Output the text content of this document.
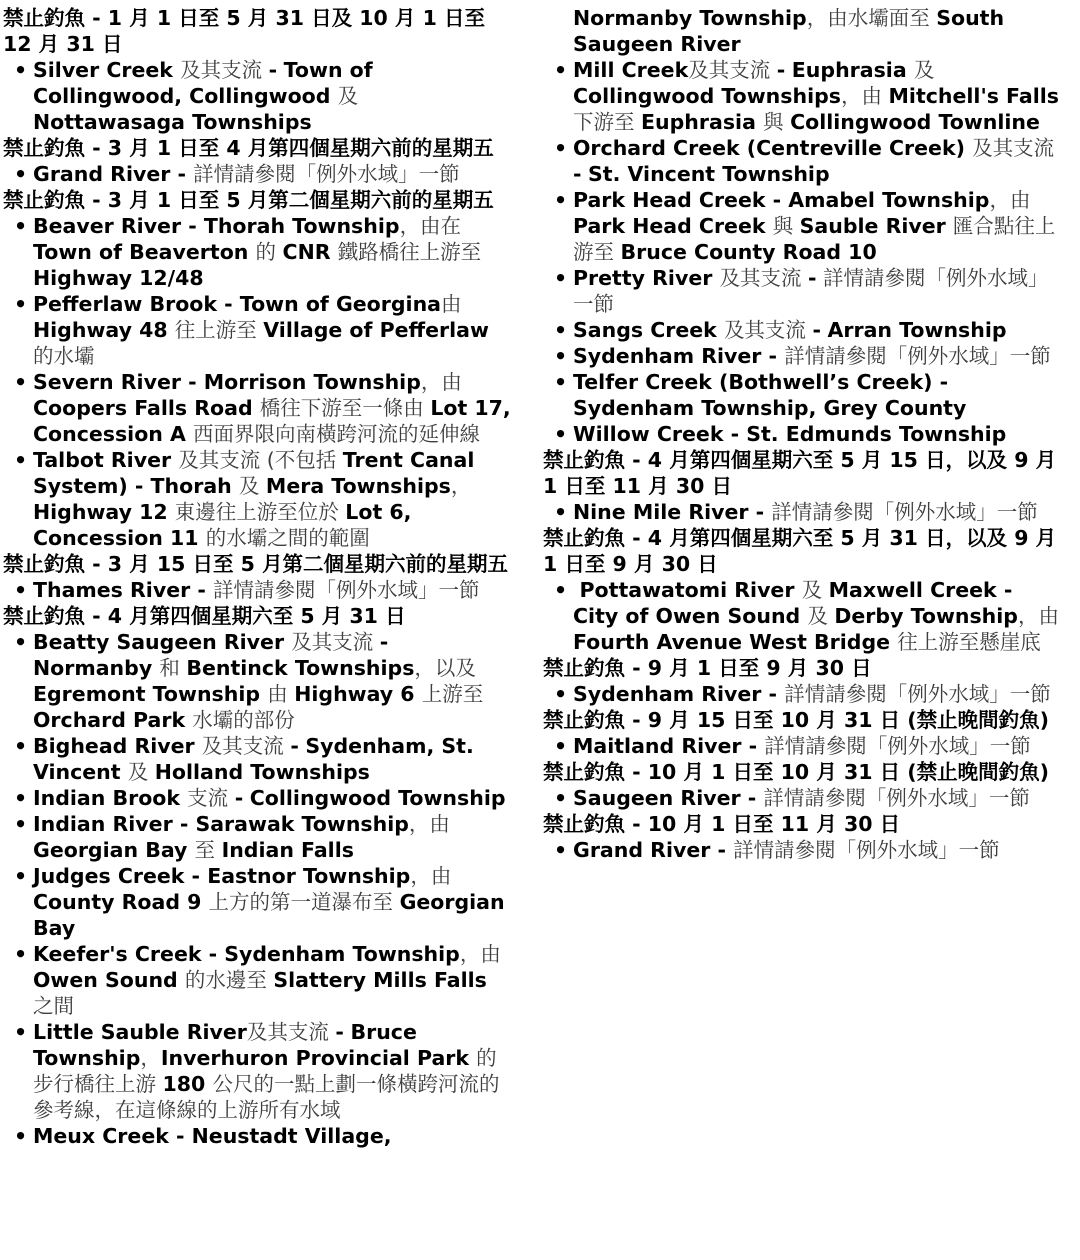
禁止釣魚 - 1 月 1 日至 5 月 31 日及 10 月 1 日至 12 月 31 日
• Silver Creek 及其支流 - Town of Collingwood, Collingwood 及 Nottawasaga Townships
禁止釣魚 - 3 月 1 日至 4 月第四個星期六前的星期五
• Grand River - 詳情請參閱「例外水域」一節
禁止釣魚 - 3 月 1 日至 5 月第二個星期六前的星期五
• Beaver River - Thorah Township，由在 Town of Beaverton 的 CNR 鐵路橋往上游至 Highway 12/48
• Pefferlaw Brook - Town of Georgina由 Highway 48 往上游至 Village of Pefferlaw 的水壩
• Severn River - Morrison Township，由 Coopers Falls Road 橋往下游至一條由 Lot 17, Concession A 西面界限向南橫跨河流的延伸線
• Talbot River 及其支流 (不包括 Trent Canal System) - Thorah 及 Mera Townships，Highway 12 東邊往上游至位於 Lot 6, Concession 11 的水壩之間的範圍
禁止釣魚 - 3 月 15 日至 5 月第二個星期六前的星期五
• Thames River - 詳情請參閱「例外水域」一節
禁止釣魚 - 4 月第四個星期六至 5 月 31 日
• Beatty Saugeen River 及其支流 - Normanby 和 Bentinck Townships，以及 Egremont Township 由 Highway 6 上游至 Orchard Park 水壩的部份
• Bighead River 及其支流 - Sydenham, St. Vincent 及 Holland Townships
• Indian Brook 支流 - Collingwood Township
• Indian River - Sarawak Township，由 Georgian Bay 至 Indian Falls
• Judges Creek - Eastnor Township，由 County Road 9 上方的第一道瀑布至 Georgian Bay
• Keefer's Creek - Sydenham Township，由 Owen Sound 的水邊至 Slattery Mills Falls 之間
• Little Sauble River及其支流 - Bruce Township，Inverhuron Provincial Park 的步行橋往上游 180 公尺的一點上劃一條橫跨河流的參考線，在這條線的上游所有水域
• Meux Creek - Neustadt Village,
Normanby Township，由水壩面至 South Saugeen River
• Mill Creek及其支流 - Euphrasia 及 Collingwood Townships，由 Mitchell's Falls 下游至 Euphrasia 與 Collingwood Townline
• Orchard Creek (Centreville Creek) 及其支流 - St. Vincent Township
• Park Head Creek - Amabel Township，由 Park Head Creek 與 Sauble River 匯合點往上游至 Bruce County Road 10
• Pretty River 及其支流 - 詳情請參閱「例外水域」一節
• Sangs Creek 及其支流 - Arran Township
• Sydenham River - 詳情請參閱「例外水域」一節
• Telfer Creek (Bothwell’s Creek) - Sydenham Township, Grey County
• Willow Creek - St. Edmunds Township
禁止釣魚 - 4 月第四個星期六至 5 月 15 日，以及 9 月 1 日至 11 月 30 日
• Nine Mile River - 詳情請參閱「例外水域」一節
禁止釣魚 - 4 月第四個星期六至 5 月 31 日，以及 9 月 1 日至 9 月 30 日
• Pottawatomi River 及 Maxwell Creek - City of Owen Sound 及 Derby Township，由 Fourth Avenue West Bridge 往上游至懸崖底
禁止釣魚 - 9 月 1 日至 9 月 30 日
• Sydenham River - 詳情請參閱「例外水域」一節
禁止釣魚 - 9 月 15 日至 10 月 31 日 (禁止晚間釣魚)
• Maitland River - 詳情請參閱「例外水域」一節
禁止釣魚 - 10 月 1 日至 10 月 31 日 (禁止晚間釣魚)
• Saugeen River - 詳情請參閱「例外水域」一節
禁止釣魚 - 10 月 1 日至 11 月 30 日
• Grand River - 詳情請參閱「例外水域」一節
